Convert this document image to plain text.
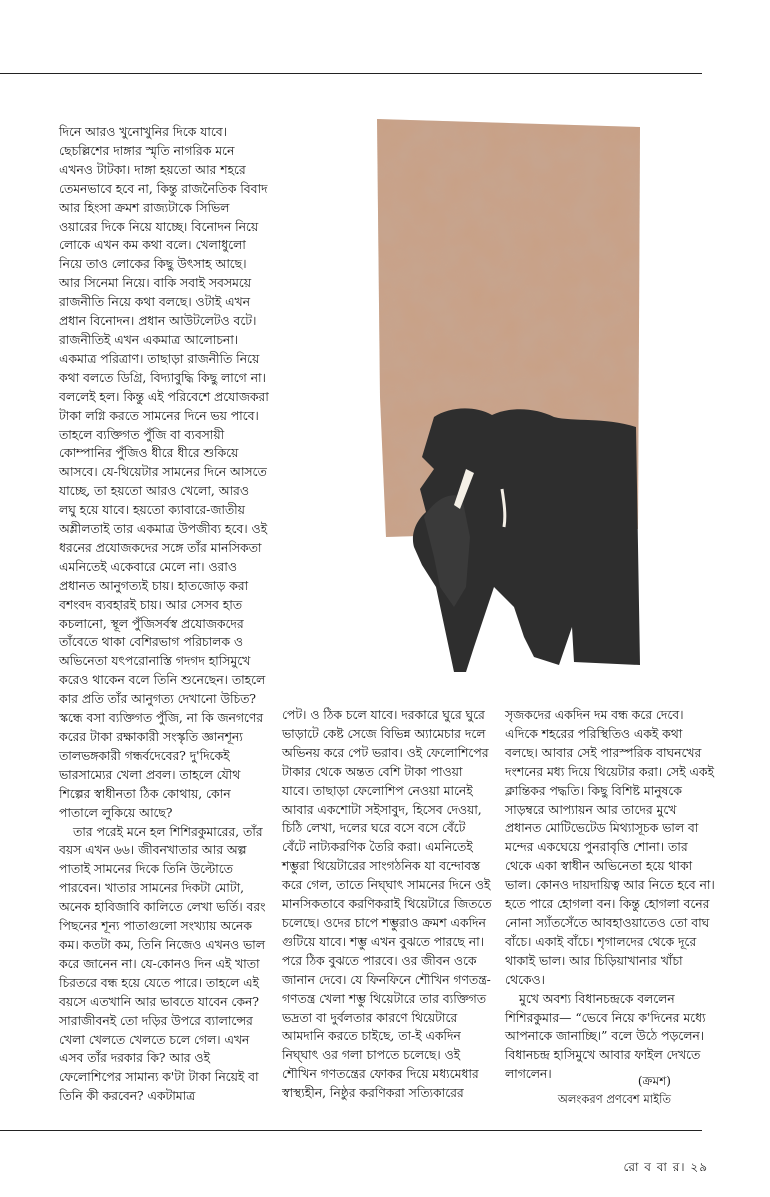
দিনে আরও খুনোখুনির দিকে যাবে। ছেচল্লিশের দাঙ্গার স্মৃতি নাগরিক মনে এখনও টাটকা। দাঙ্গা হয়তো আর শহরে তেমনভাবে হবে না, কিন্তু রাজনৈতিক বিবাদ আর হিংসা ক্রমশ রাজ্যটাকে সিভিল ওয়ারের দিকে নিয়ে যাচ্ছে। বিনোদন নিয়ে লোকে এখন কম কথা বলে। খেলাধুলো নিয়ে তাও লোকের কিছু উৎসাহ আছে। আর সিনেমা নিয়ে। বাকি সবাই সবসময়ে রাজনীতি নিয়ে কথা বলছে। ওটাই এখন প্রধান বিনোদন। প্রধান আউটলেটও বটে। রাজনীতিই এখন একমাত্র আলোচনা। একমাত্র পরিত্রাণ। তাছাড়া রাজনীতি নিয়ে কথা বলতে ডিগ্রি, বিদ্যাবুদ্ধি কিছু লাগে না। বললেই হল। কিন্তু এই পরিবেশে প্রযোজকরা টাকা লগ্নি করতে সামনের দিনে ভয় পাবে। তাহলে ব্যক্তিগত পুঁজি বা ব্যবসায়ী কোম্পানির পুঁজিও ধীরে ধীরে শুকিয়ে আসবে। যে-থিয়েটার সামনের দিনে আসতে যাচ্ছে, তা হয়তো আরও খেলো, আরও লঘু হয়ে যাবে। হয়তো ক্যাবারে-জাতীয় অশ্লীলতাই তার একমাত্র উপজীব্য হবে। ওই ধরনের প্রযোজকদের সঙ্গে তাঁর মানসিকতা এমনিতেই একেবারে মেলে না। ওরাও প্রধানত আনুগত্যই চায়। হাতজোড় করা বশংবদ ব্যবহারই চায়। আর সেসব হাত কচলানো, স্থূল পুঁজিসর্বস্ব প্রযোজকদের তাঁবেতে থাকা বেশিরভাগ পরিচালক ও অভিনেতা যৎপরোনাস্তি গদগদ হাসিমুখে করেও থাকেন বলে তিনি শুনেছেন। তাহলে কার প্রতি তাঁর আনুগত্য দেখানো উচিত? স্কন্ধে বসা ব্যক্তিগত পুঁজি, না কি জনগণের করের টাকা রক্ষাকারী সংস্কৃতি জ্ঞানশূন্য তালভঙ্গকারী গন্ধর্বদেবের? দু'দিকেই ভারসাম্যের খেলা প্রবল। তাহলে যৌথ শিল্পের স্বাধীনতা ঠিক কোথায়, কোন পাতালে লুকিয়ে আছে?

তার পরেই মনে হল শিশিরকুমারের, তাঁর বয়স এখন ৬৬। জীবনখাতার আর অল্প পাতাই সামনের দিকে তিনি উল্টোতে পারবেন। খাতার সামনের দিকটা মোটা, অনেক হাবিজাবি কালিতে লেখা ভর্তি। বরং পিছনের শূন্য পাতাগুলো সংখ্যায় অনেক কম। কতটা কম, তিনি নিজেও এখনও ভাল করে জানেন না। যে-কোনও দিন এই খাতা চিরতরে বন্ধ হয়ে যেতে পারে। তাহলে এই বয়সে এতখানি আর ভাবতে যাবেন কেন? সারাজীবনই তো দড়ির উপরে ব্যালান্সের খেলা খেলতে খেলতে চলে গেল। এখন এসব তাঁর দরকার কি? আর ওই ফেলোশিপের সামান্য ক'টা টাকা নিয়েই বা তিনি কী করবেন? একটামাত্র

পেট। ও ঠিক চলে যাবে। দরকারে ঘুরে ঘুরে ভাড়াটে কেষ্ট সেজে বিভিন্ন অ্যামেচার দলে অভিনয় করে পেট ভরাব। ওই ফেলোশিপের টাকার থেকে অন্তত বেশি টাকা পাওয়া যাবে। তাছাড়া ফেলোশিপ নেওয়া মানেই আবার একশোটা সইসাবুদ, হিসেব দেওয়া, চিঠি লেখা, দলের ঘরে বসে বসে বেঁটে বেঁটে নাট্যকরণিক তৈরি করা। এমনিতেই শম্ভুরা থিয়েটারের সাংগঠনিক যা বন্দোবস্ত করে গেল, তাতে নিঘ্ঘাৎ সামনের দিনে ওই মানসিকতাবে করণিকরাই থিয়েটারে জিততে চলেছে। ওদের চাপে শম্ভুরাও ক্রমশ একদিন গুটিয়ে যাবে। শম্ভু এখন বুঝতে পারছে না। পরে ঠিক বুঝতে পারবে। ওর জীবন ওকে জানান দেবে। যে ফিনফিনে শৌখিন গণতন্ত্র-গণতন্ত্র খেলা শম্ভু থিয়েটারে তার ব্যক্তিগত ভদ্রতা বা দুর্বলতার কারণে থিয়েটারে আমদানি করতে চাইছে, তা-ই একদিন নিঘ্ঘাৎ ওর গলা চাপতে চলেছে। ওই শৌখিন গণতন্ত্রের ফোকর দিয়ে মধ্যমেধার স্বাস্থ্যহীন, নিষ্ঠুর করণিকরা সত্যিকারের

সৃজকদের একদিন দম বন্ধ করে দেবে। এদিকে শহরের পরিস্থিতিও একই কথা বলছে। আবার সেই পারস্পরিক বাঘনখের দংশনের মধ্য দিয়ে থিয়েটার করা। সেই একই ক্লান্তিকর পদ্ধতি। কিছু বিশিষ্ট মানুষকে সাড়ম্বরে আপ্যায়ন আর তাদের মুখে প্রধানত মোটিভেটেড মিথ্যাসূচক ভাল বা মন্দের একঘেয়ে পুনরাবৃত্তি শোনা। তার থেকে একা স্বাধীন অভিনেতা হয়ে থাকা ভাল। কোনও দায়দায়িত্ব আর নিতে হবে না। হতে পারে হোগলা বন। কিন্তু হোগলা বনের নোনা স্যাঁতসেঁতে আবহাওয়াতেও তো বাঘ বাঁচে। একাই বাঁচে। শৃগালদের থেকে দূরে থাকাই ভাল। আর চিড়িয়াখানার খাঁচা থেকেও।

মুখে অবশ্য বিধানচন্দ্রকে বললেন শিশিরকুমার— “ভেবে নিয়ে ক'দিনের মধ্যে আপনাকে জানাচ্ছি।” বলে উঠে পড়লেন। বিধানচন্দ্র হাসিমুখে আবার ফাইল দেখতে লাগলেন।	(ক্রমশ)
অলংকরণ প্রণবেশ মাইতি
রো ব বা র। ২৯
